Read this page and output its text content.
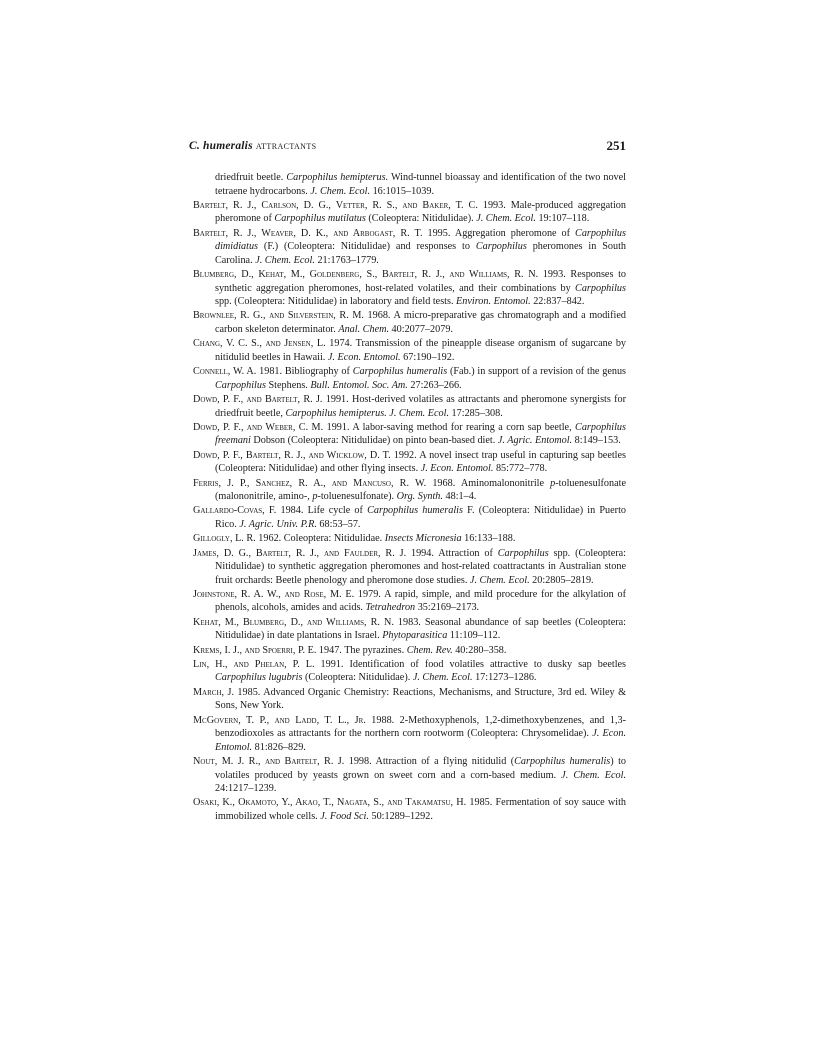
C. humeralis attractants	251

driedfruit beetle. Carpophilus hemipterus. Wind-tunnel bioassay and identification of the two novel tetraene hydrocarbons. J. Chem. Ecol. 16:1015–1039.

Bartelt, R. J., Carlson, D. G., Vetter, R. S., and Baker, T. C. 1993. Male-produced aggregation pheromone of Carpophilus mutilatus (Coleoptera: Nitidulidae). J. Chem. Ecol. 19:107–118.

Bartelt, R. J., Weaver, D. K., and Arbogast, R. T. 1995. Aggregation pheromone of Carpophilus dimidiatus (F.) (Coleoptera: Nitidulidae) and responses to Carpophilus pheromones in South Carolina. J. Chem. Ecol. 21:1763–1779.

Blumberg, D., Kehat, M., Goldenberg, S., Bartelt, R. J., and Williams, R. N. 1993. Responses to synthetic aggregation pheromones, host-related volatiles, and their combinations by Carpophilus spp. (Coleoptera: Nitidulidae) in laboratory and field tests. Environ. Entomol. 22:837–842.

Brownlee, R. G., and Silverstein, R. M. 1968. A micro-preparative gas chromatograph and a modified carbon skeleton determinator. Anal. Chem. 40:2077–2079.

Chang, V. C. S., and Jensen, L. 1974. Transmission of the pineapple disease organism of sugarcane by nitidulid beetles in Hawaii. J. Econ. Entomol. 67:190–192.

Connell, W. A. 1981. Bibliography of Carpophilus humeralis (Fab.) in support of a revision of the genus Carpophilus Stephens. Bull. Entomol. Soc. Am. 27:263–266.

Dowd, P. F., and Bartelt, R. J. 1991. Host-derived volatiles as attractants and pheromone synergists for driedfruit beetle, Carpophilus hemipterus. J. Chem. Ecol. 17:285–308.

Dowd, P. F., and Weber, C. M. 1991. A labor-saving method for rearing a corn sap beetle, Carpophilus freemani Dobson (Coleoptera: Nitidulidae) on pinto bean-based diet. J. Agric. Entomol. 8:149–153.

Dowd, P. F., Bartelt, R. J., and Wicklow, D. T. 1992. A novel insect trap useful in capturing sap beetles (Coleoptera: Nitidulidae) and other flying insects. J. Econ. Entomol. 85:772–778.

Ferris, J. P., Sanchez, R. A., and Mancuso, R. W. 1968. Aminomalononitrile p-toluenesulfonate (malononitrile, amino-, p-toluenesulfonate). Org. Synth. 48:1–4.

Gallardo-Covas, F. 1984. Life cycle of Carpophilus humeralis F. (Coleoptera: Nitidulidae) in Puerto Rico. J. Agric. Univ. P.R. 68:53–57.

Gillogly, L. R. 1962. Coleoptera: Nitidulidae. Insects Micronesia 16:133–188.

James, D. G., Bartelt, R. J., and Faulder, R. J. 1994. Attraction of Carpophilus spp. (Coleoptera: Nitidulidae) to synthetic aggregation pheromones and host-related coattractants in Australian stone fruit orchards: Beetle phenology and pheromone dose studies. J. Chem. Ecol. 20:2805–2819.

Johnstone, R. A. W., and Rose, M. E. 1979. A rapid, simple, and mild procedure for the alkylation of phenols, alcohols, amides and acids. Tetrahedron 35:2169–2173.

Kehat, M., Blumberg, D., and Williams, R. N. 1983. Seasonal abundance of sap beetles (Coleoptera: Nitidulidae) in date plantations in Israel. Phytoparasitica 11:109–112.

Krems, I. J., and Spoerri, P. E. 1947. The pyrazines. Chem. Rev. 40:280–358.

Lin, H., and Phelan, P. L. 1991. Identification of food volatiles attractive to dusky sap beetles Carpophilus lugubris (Coleoptera: Nitidulidae). J. Chem. Ecol. 17:1273–1286.

March, J. 1985. Advanced Organic Chemistry: Reactions, Mechanisms, and Structure, 3rd ed. Wiley & Sons, New York.

McGovern, T. P., and Ladd, T. L., Jr. 1988. 2-Methoxyphenols, 1,2-dimethoxybenzenes, and 1,3-benzodioxoles as attractants for the northern corn rootworm (Coleoptera: Chrysomelidae). J. Econ. Entomol. 81:826–829.

Nout, M. J. R., and Bartelt, R. J. 1998. Attraction of a flying nitidulid (Carpophilus humeralis) to volatiles produced by yeasts grown on sweet corn and a corn-based medium. J. Chem. Ecol. 24:1217–1239.

Osaki, K., Okamoto, Y., Akao, T., Nagata, S., and Takamatsu, H. 1985. Fermentation of soy sauce with immobilized whole cells. J. Food Sci. 50:1289–1292.
